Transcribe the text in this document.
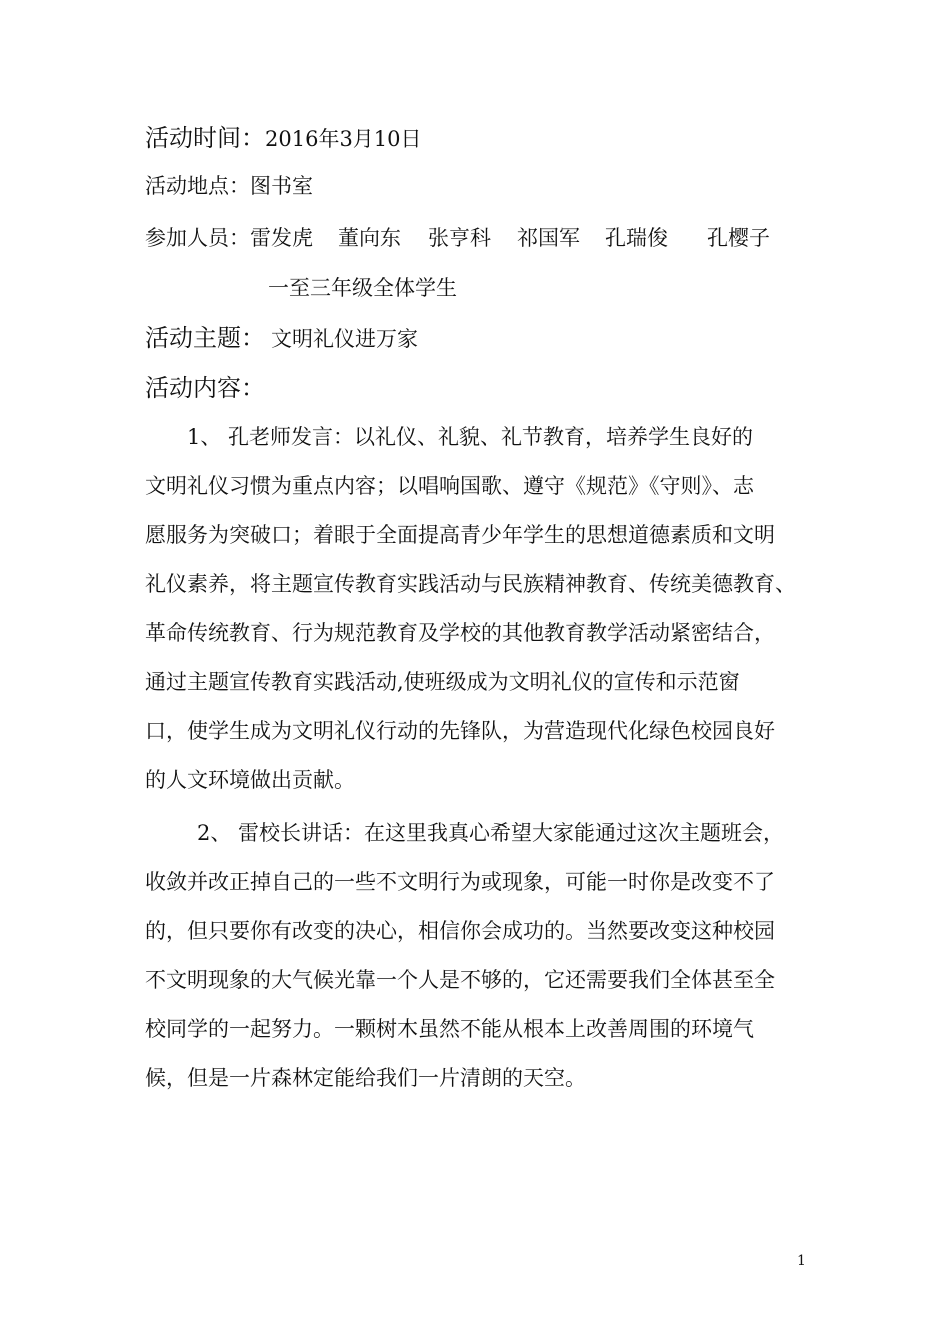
活动时间：2016年3月10日
活动地点：图书室
参加人员：雷发虎 董向东 张亨科 祁国军 孔瑞俊 孔樱子
一至三年级全体学生
活动主题： 文明礼仪进万家
活动内容：
1、 孔老师发言：以礼仪、礼貌、礼节教育，培养学生良好的
文明礼仪习惯为重点内容；以唱响国歌、遵守《规范》《守则》、志
愿服务为突破口；着眼于全面提高青少年学生的思想道德素质和文明
礼仪素养，将主题宣传教育实践活动与民族精神教育、传统美德教育、
革命传统教育、行为规范教育及学校的其他教育教学活动紧密结合，
通过主题宣传教育实践活动,使班级成为文明礼仪的宣传和示范窗
口，使学生成为文明礼仪行动的先锋队，为营造现代化绿色校园良好
的人文环境做出贡献。
2、 雷校长讲话：在这里我真心希望大家能通过这次主题班会，
收敛并改正掉自己的一些不文明行为或现象，可能一时你是改变不了
的，但只要你有改变的决心，相信你会成功的。当然要改变这种校园
不文明现象的大气候光靠一个人是不够的，它还需要我们全体甚至全
校同学的一起努力。一颗树木虽然不能从根本上改善周围的环境气
候，但是一片森林定能给我们一片清朗的天空。
1
